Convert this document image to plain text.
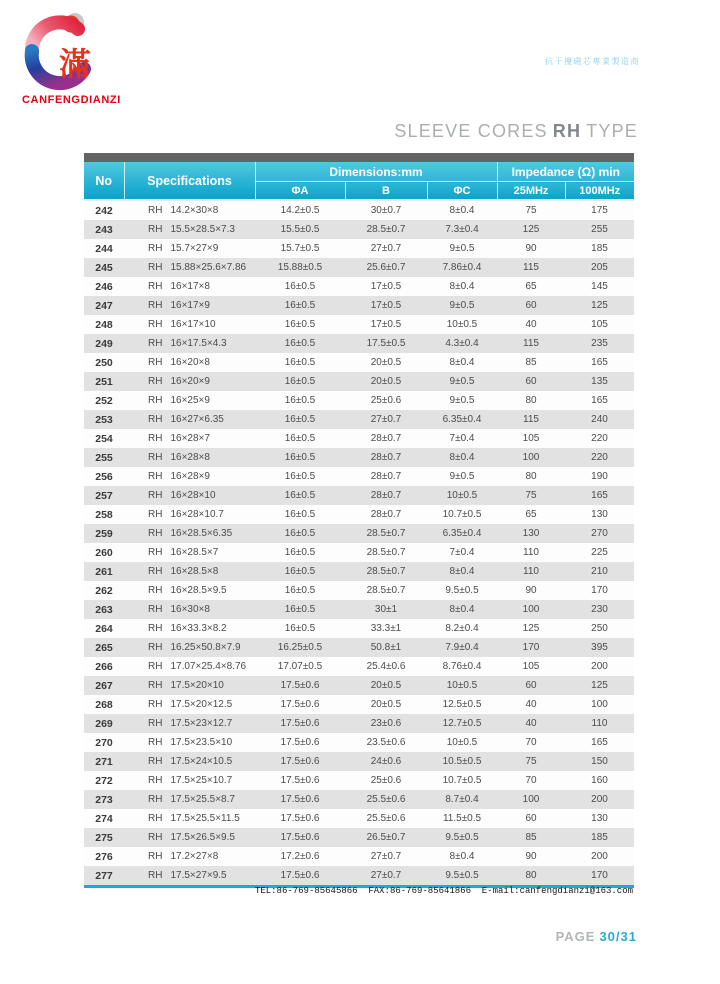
滿
CANFENGDIANZI
抗干擾磁芯專業製造商
SLEEVE CORES RH TYPE
No	Specifications	Dimensions:mm			Impedance (Ω) min	
		ΦA	B	ΦC	25MHz	100MHz
242	RH 14.2×30×8	14.2±0.5	30±0.7	8±0.4	75	175
243	RH 15.5×28.5×7.3	15.5±0.5	28.5±0.7	7.3±0.4	125	255
244	RH 15.7×27×9	15.7±0.5	27±0.7	9±0.5	90	185
245	RH 15.88×25.6×7.86	15.88±0.5	25.6±0.7	7.86±0.4	115	205
246	RH 16×17×8	16±0.5	17±0.5	8±0.4	65	145
247	RH 16×17×9	16±0.5	17±0.5	9±0.5	60	125
248	RH 16×17×10	16±0.5	17±0.5	10±0.5	40	105
249	RH 16×17.5×4.3	16±0.5	17.5±0.5	4.3±0.4	115	235
250	RH 16×20×8	16±0.5	20±0.5	8±0.4	85	165
251	RH 16×20×9	16±0.5	20±0.5	9±0.5	60	135
252	RH 16×25×9	16±0.5	25±0.6	9±0.5	80	165
253	RH 16×27×6.35	16±0.5	27±0.7	6.35±0.4	115	240
254	RH 16×28×7	16±0.5	28±0.7	7±0.4	105	220
255	RH 16×28×8	16±0.5	28±0.7	8±0.4	100	220
256	RH 16×28×9	16±0.5	28±0.7	9±0.5	80	190
257	RH 16×28×10	16±0.5	28±0.7	10±0.5	75	165
258	RH 16×28×10.7	16±0.5	28±0.7	10.7±0.5	65	130
259	RH 16×28.5×6.35	16±0.5	28.5±0.7	6.35±0.4	130	270
260	RH 16×28.5×7	16±0.5	28.5±0.7	7±0.4	110	225
261	RH 16×28.5×8	16±0.5	28.5±0.7	8±0.4	110	210
262	RH 16×28.5×9.5	16±0.5	28.5±0.7	9.5±0.5	90	170
263	RH 16×30×8	16±0.5	30±1	8±0.4	100	230
264	RH 16×33.3×8.2	16±0.5	33.3±1	8.2±0.4	125	250
265	RH 16.25×50.8×7.9	16.25±0.5	50.8±1	7.9±0.4	170	395
266	RH 17.07×25.4×8.76	17.07±0.5	25.4±0.6	8.76±0.4	105	200
267	RH 17.5×20×10	17.5±0.6	20±0.5	10±0.5	60	125
268	RH 17.5×20×12.5	17.5±0.6	20±0.5	12.5±0.5	40	100
269	RH 17.5×23×12.7	17.5±0.6	23±0.6	12.7±0.5	40	110
270	RH 17.5×23.5×10	17.5±0.6	23.5±0.6	10±0.5	70	165
271	RH 17.5×24×10.5	17.5±0.6	24±0.6	10.5±0.5	75	150
272	RH 17.5×25×10.7	17.5±0.6	25±0.6	10.7±0.5	70	160
273	RH 17.5×25.5×8.7	17.5±0.6	25.5±0.6	8.7±0.4	100	200
274	RH 17.5×25.5×11.5	17.5±0.6	25.5±0.6	11.5±0.5	60	130
275	RH 17.5×26.5×9.5	17.5±0.6	26.5±0.7	9.5±0.5	85	185
276	RH 17.2×27×8	17.2±0.6	27±0.7	8±0.4	90	200
277	RH 17.5×27×9.5	17.5±0.6	27±0.7	9.5±0.5	80	170
TEL:86-769-85645866  FAX:86-769-85641866  E-mail:canfengdianzi@163.com
PAGE 30/31
